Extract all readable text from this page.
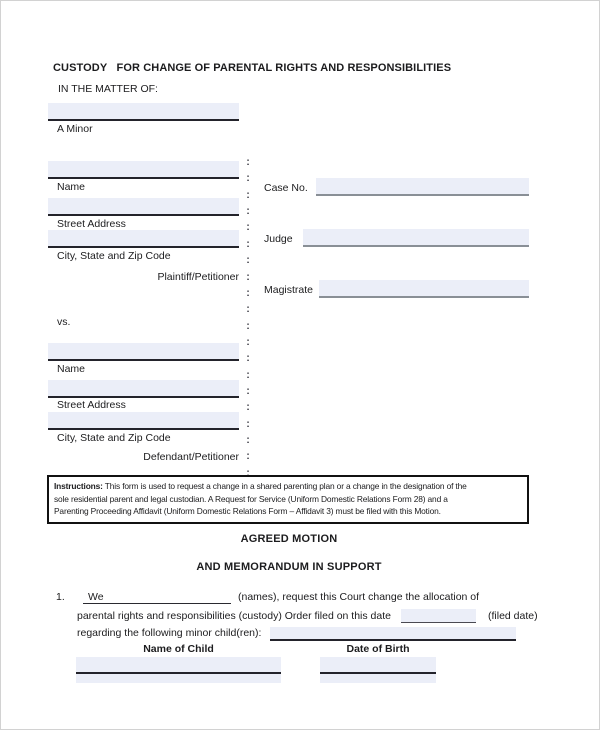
CUSTODY   FOR CHANGE OF PARENTAL RIGHTS AND RESPONSIBILITIES
IN THE MATTER OF:
A Minor
Name
Street Address
City, State and Zip Code
Plaintiff/Petitioner
vs.
Name
Street Address
City, State and Zip Code
Defendant/Petitioner
:
:
:
:
:
:
:
:
:
:
:
:
:
:
:
:
:
:
:
:
Case No.
Judge
Magistrate
Instructions: This form is used to request a change in a shared parenting plan or a change in the designation of the
sole residential parent and legal custodian. A Request for Service (Uniform Domestic Relations Form 28) and a
Parenting Proceeding Affidavit (Uniform Domestic Relations Form – Affidavit 3) must be filed with this Motion.
AGREED MOTION
AND MEMORANDUM IN SUPPORT
1.	We	(names), request this Court change the allocation of
parental rights and responsibilities (custody) Order filed on this date	(filed date)
regarding the following minor child(ren):
Name of Child	Date of Birth
